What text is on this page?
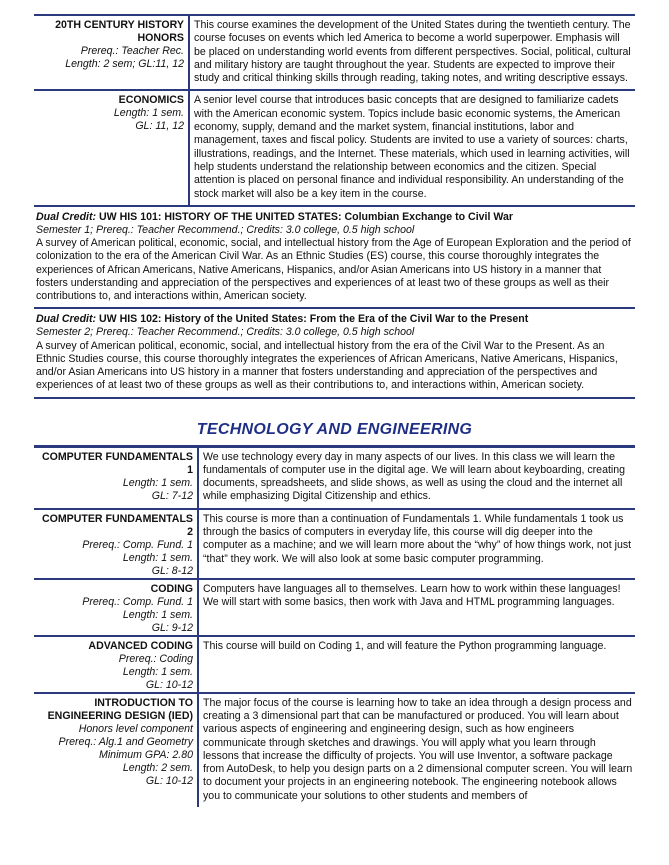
20TH CENTURY HISTORY HONORS
Prereq.: Teacher Rec.
Length: 2 sem; GL:11, 12
This course examines the development of the United States during the twentieth century. The course focuses on events which led America to become a world superpower. Emphasis will be placed on understanding world events from different perspectives. Social, political, cultural and military history are taught throughout the year. Students are expected to improve their study and critical thinking skills through reading, taking notes, and writing descriptive essays.
ECONOMICS
Length: 1 sem.
GL: 11, 12
A senior level course that introduces basic concepts that are designed to familiarize cadets with the American economic system. Topics include basic economic systems, the American economy, supply, demand and the market system, financial institutions, labor and management, taxes and fiscal policy. Students are invited to use a variety of sources: charts, illustrations, readings, and the Internet. These materials, which used in learning activities, will help students understand the relationship between economics and the citizen. Special attention is placed on personal finance and individual responsibility. An understanding of the stock market will also be a key item in the course.
Dual Credit: UW HIS 101: HISTORY OF THE UNITED STATES: Columbian Exchange to Civil War
Semester 1; Prereq.: Teacher Recommend.; Credits: 3.0 college, 0.5 high school
A survey of American political, economic, social, and intellectual history from the Age of European Exploration and the period of colonization to the era of the American Civil War. As an Ethnic Studies (ES) course, this course thoroughly integrates the experiences of African Americans, Native Americans, Hispanics, and/or Asian Americans into US history in a manner that fosters understanding and appreciation of the perspectives and experiences of at least two of these groups as well as their contributions to, and interactions within, American society.
Dual Credit: UW HIS 102: History of the United States: From the Era of the Civil War to the Present
Semester 2; Prereq.: Teacher Recommend.; Credits: 3.0 college, 0.5 high school
A survey of American political, economic, social, and intellectual history from the era of the Civil War to the Present. As an Ethnic Studies course, this course thoroughly integrates the experiences of African Americans, Native Americans, Hispanics, and/or Asian Americans into US history in a manner that fosters understanding and appreciation of the perspectives and experiences of at least two of these groups as well as their contributions to, and interactions within, American society.
TECHNOLOGY AND ENGINEERING
COMPUTER FUNDAMENTALS 1
Length: 1 sem.
GL: 7-12
We use technology every day in many aspects of our lives. In this class we will learn the fundamentals of computer use in the digital age. We will learn about keyboarding, creating documents, spreadsheets, and slide shows, as well as using the cloud and the internet all while emphasizing Digital Citizenship and ethics.
COMPUTER FUNDAMENTALS 2
Prereq.: Comp. Fund. 1
Length: 1 sem.
GL: 8-12
This course is more than a continuation of Fundamentals 1. While fundamentals 1 took us through the basics of computers in everyday life, this course will dig deeper into the computer as a machine; and we will learn more about the “why” of how things work, not just “that” they work. We will also look at some basic computer programming.
CODING
Prereq.: Comp. Fund. 1
Length: 1 sem.
GL: 9-12
Computers have languages all to themselves. Learn how to work within these languages! We will start with some basics, then work with Java and HTML programming languages.
ADVANCED CODING
Prereq.: Coding
Length: 1 sem.
GL: 10-12
This course will build on Coding 1, and will feature the Python programming language.
INTRODUCTION TO ENGINEERING DESIGN (IED)
Honors level component
Prereq.: Alg.1 and Geometry
Minimum GPA: 2.80
Length: 2 sem.
GL: 10-12
The major focus of the course is learning how to take an idea through a design process and creating a 3 dimensional part that can be manufactured or produced. You will learn about various aspects of engineering and engineering design, such as how engineers communicate through sketches and drawings. You will apply what you learn through lessons that increase the difficulty of projects. You will use Inventor, a software package from AutoDesk, to help you design parts on a 2 dimensional computer screen. You will learn to document your projects in an engineering notebook. The engineering notebook allows you to communicate your solutions to other students and members of
